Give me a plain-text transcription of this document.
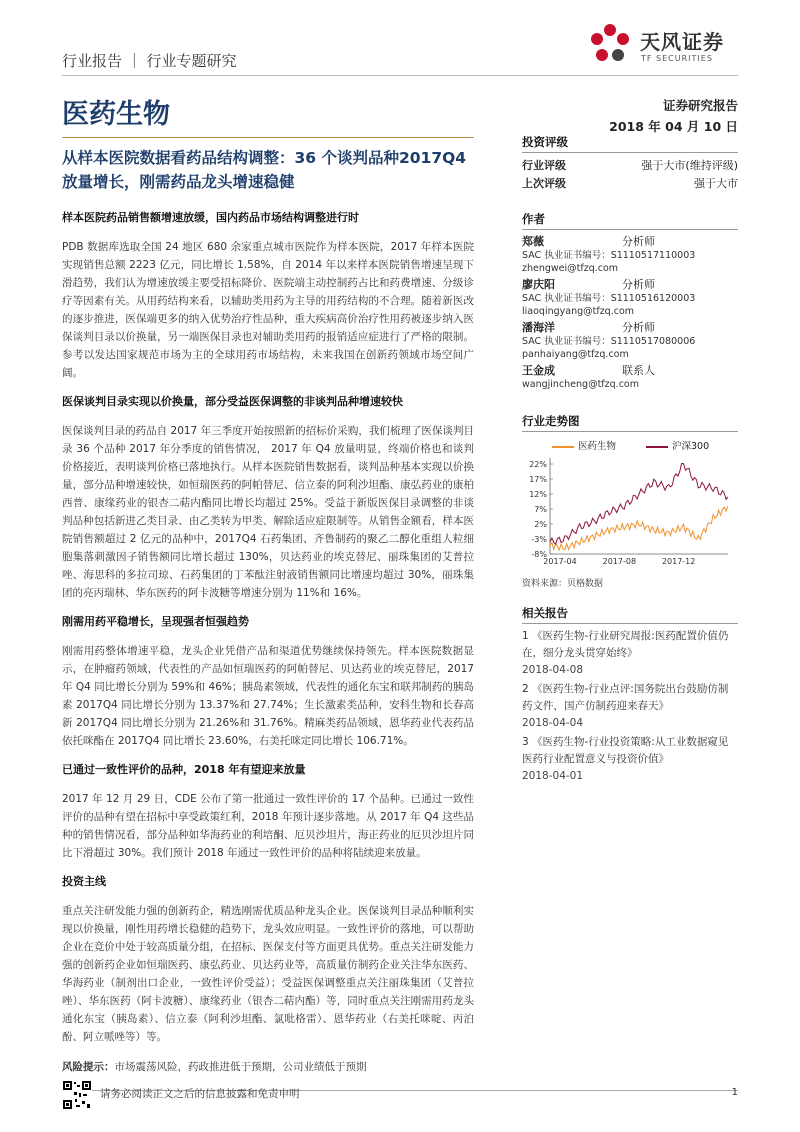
行业报告 ｜ 行业专题研究
天风证券
TF SECURITIES
医药生物	证券研究报告
2018 年 04 月 10 日
从样本医院数据看药品结构调整：36 个谈判品种2017Q4 放量增长，刚需药品龙头增速稳健
样本医院药品销售额增速放缓，国内药品市场结构调整进行时
PDB 数据库选取全国 24 地区 680 余家重点城市医院作为样本医院，2017 年样本医院实现销售总额 2223 亿元，同比增长 1.58%，自 2014 年以来样本医院销售增速呈现下滑趋势，我们认为增速放缓主要受招标降价、医院端主动控制药占比和药费增速、分级诊疗等因素有关。从用药结构来看，以辅助类用药为主导的用药结构的不合理。随着新医改的逐步推进，医保端更多的纳入优势治疗性品种，重大疾病高价治疗性用药被逐步纳入医保谈判目录以价换量，另一端医保目录也对辅助类用药的报销适应症进行了严格的限制。参考以发达国家规范市场为主的全球用药市场结构，未来我国在创新药领域市场空间广阔。
医保谈判目录实现以价换量，部分受益医保调整的非谈判品种增速较快
医保谈判目录的药品自 2017 年三季度开始按照新的招标价采购，我们梳理了医保谈判目录 36 个品种 2017 年分季度的销售情况， 2017 年 Q4 放量明显，终端价格也和谈判价格接近，表明谈判价格已落地执行。从样本医院销售数据看，谈判品种基本实现以价换量，部分品种增速较快，如恒瑞医药的阿帕替尼、信立泰的阿利沙坦酯、康弘药业的康柏西普、康缘药业的银杏二萜内酯同比增长均超过 25%。受益于新版医保目录调整的非谈判品种包括新进乙类目录、由乙类转为甲类、解除适应症限制等。从销售金额看，样本医院销售额超过 2 亿元的品种中，2017Q4 石药集团、齐鲁制药的聚乙二醇化重组人粒细胞集落刺激因子销售额同比增长超过 130%，贝达药业的埃克替尼、丽珠集团的艾普拉唑、海思科的多拉司琼、石药集团的丁苯酞注射液销售额同比增速均超过 30%，丽珠集团的亮丙瑞林、华东医药的阿卡波糖等增速分别为 11%和 16%。
刚需用药平稳增长，呈现强者恒强趋势
刚需用药整体增速平稳，龙头企业凭借产品和渠道优势继续保持领先。样本医院数据显示，在肿瘤药领域，代表性的产品如恒瑞医药的阿帕替尼、贝达药业的埃克替尼，2017 年 Q4 同比增长分别为 59%和 46%；胰岛素领域，代表性的通化东宝和联邦制药的胰岛素 2017Q4 同比增长分别为 13.37%和 27.74%；生长激素类品种，安科生物和长春高新 2017Q4 同比增长分别为 21.26%和 31.76%。精麻类药品领域，恩华药业代表药品依托咪酯在 2017Q4 同比增长 23.60%，右美托咪定同比增长 106.71%。
已通过一致性评价的品种，2018 年有望迎来放量
2017 年 12 月 29 日，CDE 公布了第一批通过一致性评价的 17 个品种。已通过一致性评价的品种有望在招标中享受政策红利，2018 年预计逐步落地。从 2017 年 Q4 这些品种的销售情况看，部分品种如华海药业的利培酮、厄贝沙坦片，海正药业的厄贝沙坦片同比下滑超过 30%。我们预计 2018 年通过一致性评价的品种将陆续迎来放量。
投资主线
重点关注研发能力强的创新药企，精选刚需优质品种龙头企业。医保谈判目录品种顺利实现以价换量，刚性用药增长稳健的趋势下，龙头效应明显。一致性评价的落地，可以帮助企业在竞价中处于较高质量分组，在招标、医保支付等方面更具优势。重点关注研发能力强的创新药企业如恒瑞医药、康弘药业、贝达药业等，高质量仿制药企业关注华东医药、华海药业（制剂出口企业，一致性评价受益）；受益医保调整重点关注丽珠集团（艾普拉唑）、华东医药（阿卡波糖）、康缘药业（银杏二萜内酯）等，同时重点关注刚需用药龙头通化东宝（胰岛素）、信立泰（阿利沙坦酯、氯吡格雷）、恩华药业（右美托咪啶、丙泊酚、阿立哌唑等）等。
风险提示：市场震荡风险，药政推进低于预期，公司业绩低于预期
投资评级
行业评级	强于大市(维持评级)
上次评级	强于大市
作者
郑薇	分析师
SAC 执业证书编号：S1110517110003
zhengwei@tfzq.com
廖庆阳	分析师
SAC 执业证书编号：S1110516120003
liaoqingyang@tfzq.com
潘海洋	分析师
SAC 执业证书编号：S1110517080006
panhaiyang@tfzq.com
王金成	联系人
wangjincheng@tfzq.com
行业走势图
医药生物	沪深300
22%
17%
12%
7%
2%
-3%
-8%
2017-04	2017-08	2017-12
资料来源：贝格数据
相关报告
1 《医药生物-行业研究周报:医药配置价值仍在，细分龙头贯穿始终》
2018-04-08
2 《医药生物-行业点评:国务院出台鼓励仿制药文件，国产仿制药迎来春天》
2018-04-04
3 《医药生物-行业投资策略:从工业数据窥见医药行业配置意义与投资价值》
2018-04-01
请务必阅读正文之后的信息披露和免责申明	1
